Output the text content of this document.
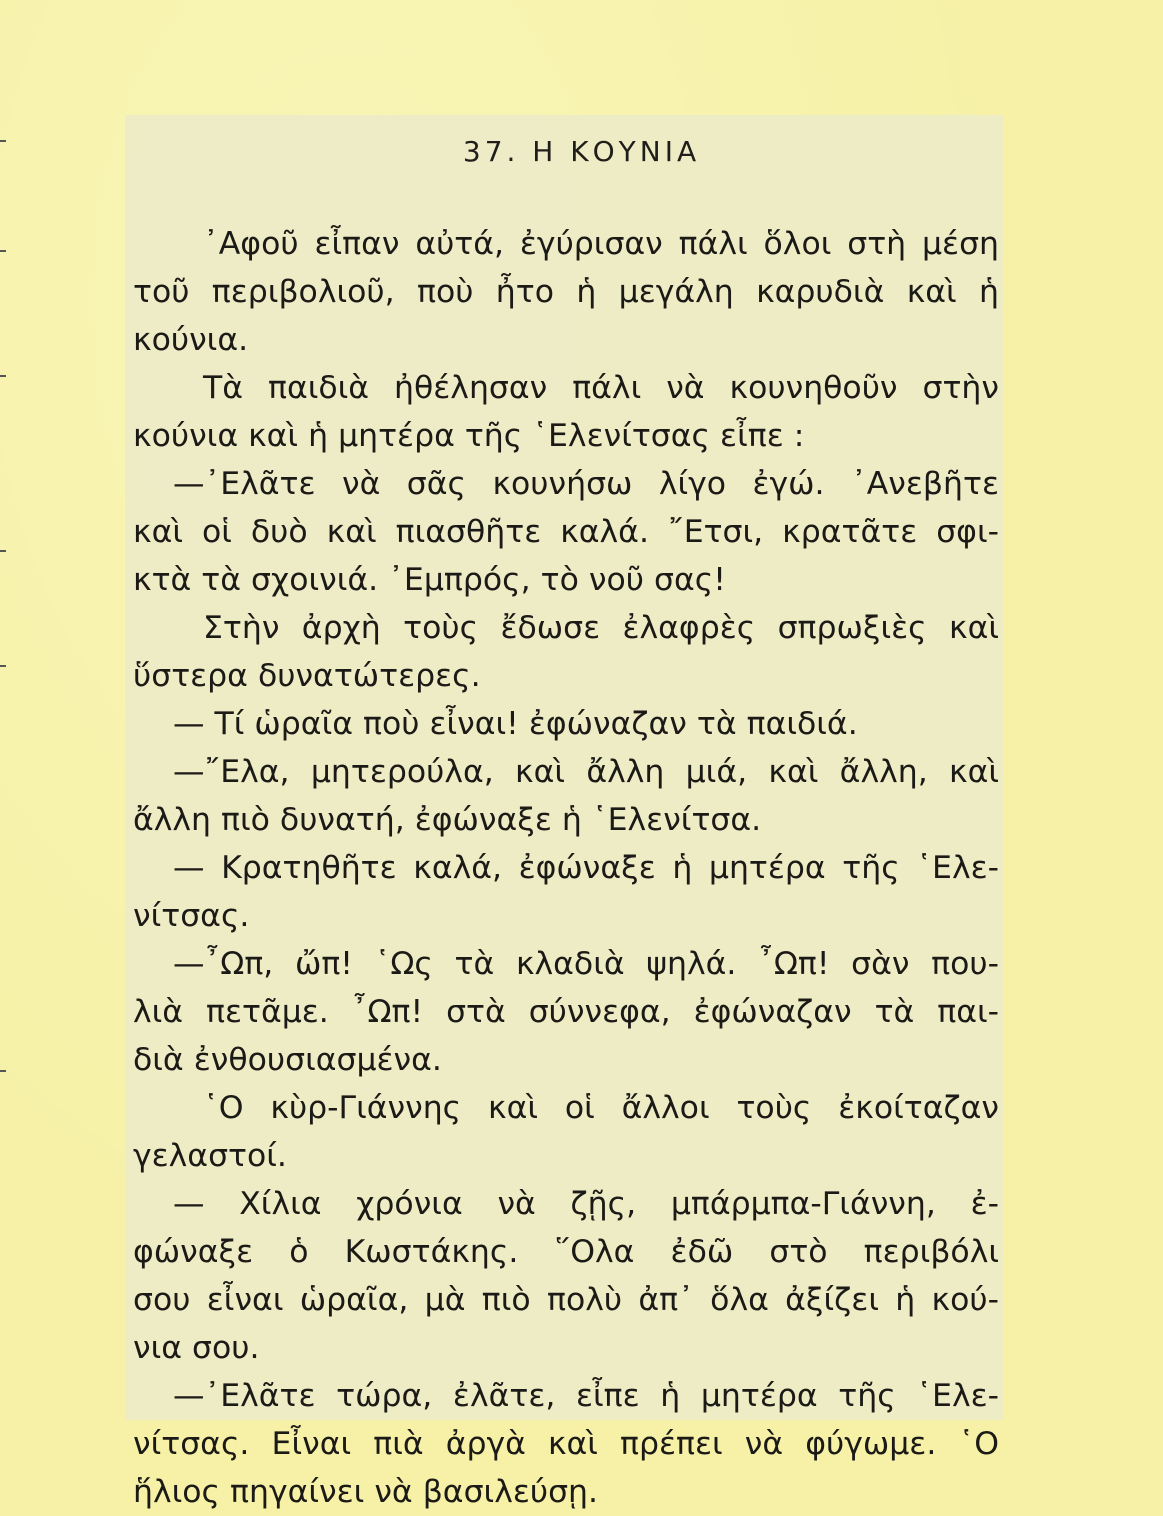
37. Η ΚΟΥΝΙΑ
᾿Αφοῦ εἶπαν αὐτά, ἐγύρισαν πάλι ὅλοι στὴ μέση
τοῦ περιβολιοῦ, ποὺ ἦτο ἡ μεγάλη καρυδιὰ καὶ ἡ
κούνια.
Τὰ παιδιὰ ἠθέλησαν πάλι νὰ κουνηθοῦν στὴν
κούνια καὶ ἡ μητέρα τῆς ῾Ελενίτσας εἶπε :
—᾿Ελᾶτε νὰ σᾶς κουνήσω λίγο ἐγώ. ᾿Ανεβῆτε
καὶ οἱ δυὸ καὶ πιασθῆτε καλά. ῎Ετσι, κρατᾶτε σφι-
κτὰ τὰ σχοινιά. ᾿Εμπρός, τὸ νοῦ σας!
Στὴν ἀρχὴ τοὺς ἔδωσε ἐλαφρὲς σπρωξιὲς καὶ
ὕστερα δυνατώτερες.
— Τί ὡραῖα ποὺ εἶναι! ἐφώναζαν τὰ παιδιά.
—῎Ελα, μητερούλα, καὶ ἄλλη μιά, καὶ ἄλλη, καὶ
ἄλλη πιὸ δυνατή, ἐφώναξε ἡ ῾Ελενίτσα.
— Κρατηθῆτε καλά, ἐφώναξε ἡ μητέρα τῆς ῾Ελε-
νίτσας.
—῏Ωπ, ὤπ! ῾Ως τὰ κλαδιὰ ψηλά. ῏Ωπ! σὰν που-
λιὰ πετᾶμε. ῏Ωπ! στὰ σύννεφα, ἐφώναζαν τὰ παι-
διὰ ἐνθουσιασμένα.
῾Ο κὺρ-Γιάννης καὶ οἱ ἄλλοι τοὺς ἐκοίταζαν
γελαστοί.
— Χίλια χρόνια νὰ ζῇς, μπάρμπα-Γιάννη, ἐ-
φώναξε ὁ Κωστάκης. ῞Ολα ἐδῶ στὸ περιβόλι
σου εἶναι ὡραῖα, μὰ πιὸ πολὺ ἀπ᾿ ὅλα ἀξίζει ἡ κού-
νια σου.
—᾿Ελᾶτε τώρα, ἐλᾶτε, εἶπε ἡ μητέρα τῆς ῾Ελε-
νίτσας. Εἶναι πιὰ ἀργὰ καὶ πρέπει νὰ φύγωμε. ῾Ο
ἥλιος πηγαίνει νὰ βασιλεύσῃ.
